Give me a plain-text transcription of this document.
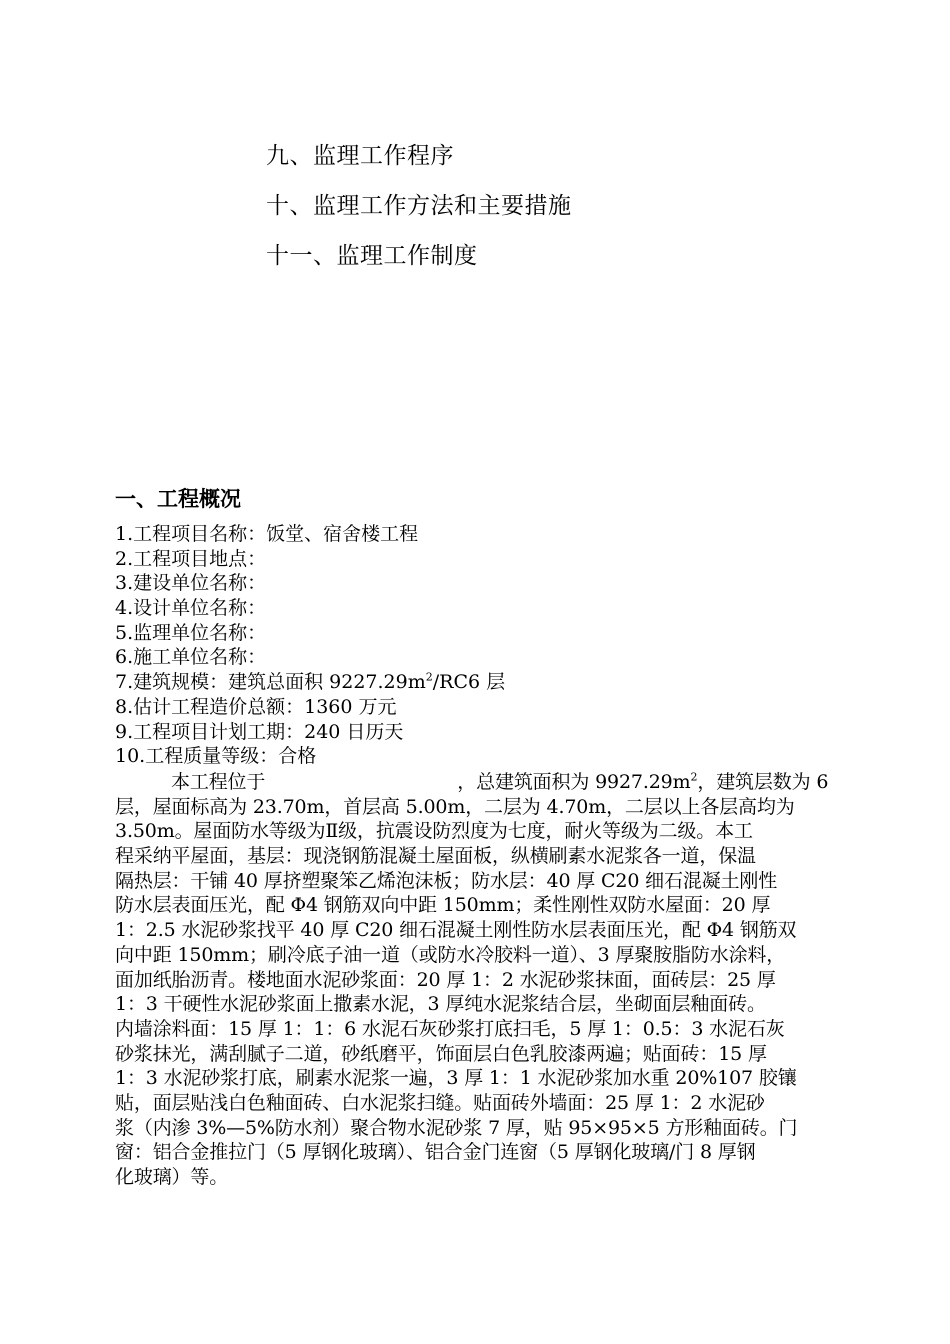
九、监理工作程序
十、监理工作方法和主要措施
十一、监理工作制度
一、工程概况
1.工程项目名称：饭堂、宿舍楼工程
2.工程项目地点：
3.建设单位名称：
4.设计单位名称：
5.监理单位名称：
6.施工单位名称：
7.建筑规模：建筑总面积 $9227.29m^2/RC6$ 层
8.估计工程造价总额：1360 万元
9.工程项目计划工期：240 日历天
10.工程质量等级：合格
本工程位于	，总建筑面积为 $9927.29m^2$，建筑层数为 6
层，屋面标高为 23.70m，首层高 5.00m，二层为 4.70m，二层以上各层高均为
3.50m。屋面防水等级为Ⅱ级，抗震设防烈度为七度，耐火等级为二级。本工
程采纳平屋面，基层：现浇钢筋混凝土屋面板，纵横刷素水泥浆各一道，保温
隔热层：干铺 40 厚挤塑聚笨乙烯泡沫板；防水层：40 厚 C20 细石混凝土刚性
防水层表面压光，配 Φ4 钢筋双向中距 150mm；柔性刚性双防水屋面：20 厚
1：2.5 水泥砂浆找平 40 厚 C20 细石混凝土刚性防水层表面压光，配 Φ4 钢筋双
向中距 150mm；刷冷底子油一道（或防水冷胶料一道）、3 厚聚胺脂防水涂料，
面加纸胎沥青。楼地面水泥砂浆面：20 厚 1：2 水泥砂浆抹面，面砖层：25 厚
1：3 干硬性水泥砂浆面上撒素水泥，3 厚纯水泥浆结合层，坐砌面层釉面砖。
内墙涂料面：15 厚 1：1：6 水泥石灰砂浆打底扫毛，5 厚 1：0.5：3 水泥石灰
砂浆抹光，满刮腻子二道，砂纸磨平，饰面层白色乳胶漆两遍；贴面砖：15 厚
1：3 水泥砂浆打底，刷素水泥浆一遍，3 厚 1：1 水泥砂浆加水重 20%107 胶镶
贴，面层贴浅白色釉面砖、白水泥浆扫缝。贴面砖外墙面：25 厚 1：2 水泥砂
浆（内渗 3%—5%防水剂）聚合物水泥砂浆 7 厚，贴 95×95×5 方形釉面砖。门
窗：铝合金推拉门（5 厚钢化玻璃）、铝合金门连窗（5 厚钢化玻璃/门 8 厚钢
化玻璃）等。
